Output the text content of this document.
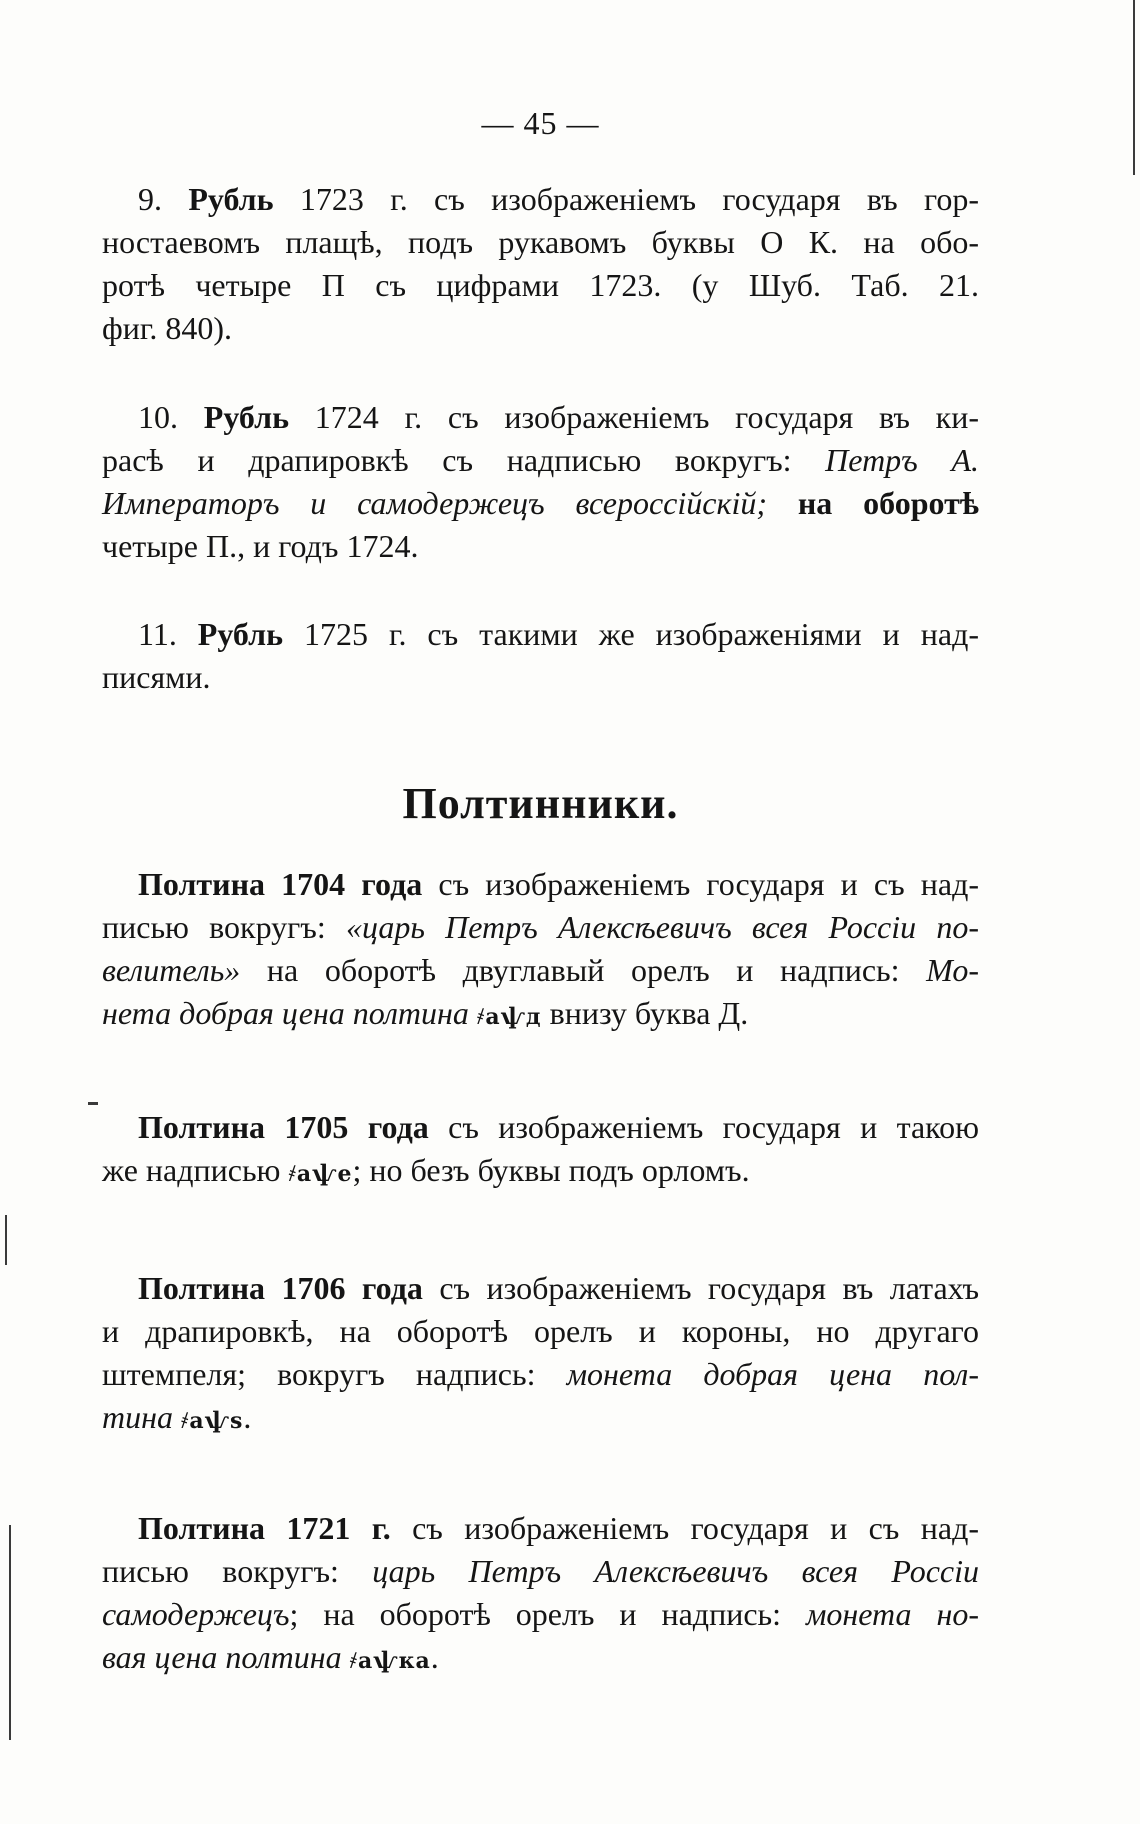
— 45 —
9. Рубль 1723 г. съ изображеніемъ государя въ гор-
ностаевомъ плащѣ, подъ рукавомъ буквы О К. на обо-
ротѣ четыре П съ цифрами 1723. (у Шуб. Таб. 21.
фиг. 840).
10. Рубль 1724 г. съ изображеніемъ государя въ ки-
расѣ и драпировкѣ съ надписью вокругъ: Петръ А.
Императоръ и самодержецъ всероссійскій; на оборотѣ
четыре П., и годъ 1724.
11. Рубль 1725 г. съ такими же изображеніями и над-
писями.
Полтинники.
Полтина 1704 года съ изображеніемъ государя и съ над-
писью вокругъ: «царь Петръ Алексѣевичъ всея Россіи по-
велитель» на оборотѣ двуглавый орелъ и надпись: Мо-
нета добрая цена полтина ҂аѱд внизу буква Д.
Полтина 1705 года съ изображеніемъ государя и такою
же надписью ҂аѱе; но безъ буквы подъ орломъ.
Полтина 1706 года съ изображеніемъ государя въ латахъ
и драпировкѣ, на оборотѣ орелъ и короны, но другаго
штемпеля; вокругъ надпись: монета добрая цена пол-
тина ҂аѱѕ.
Полтина 1721 г. съ изображеніемъ государя и съ над-
писью вокругъ: царь Петръ Алексѣевичъ всея Россіи
самодержецъ; на оборотѣ орелъ и надпись: монета но-
вая цена полтина ҂аѱка.
